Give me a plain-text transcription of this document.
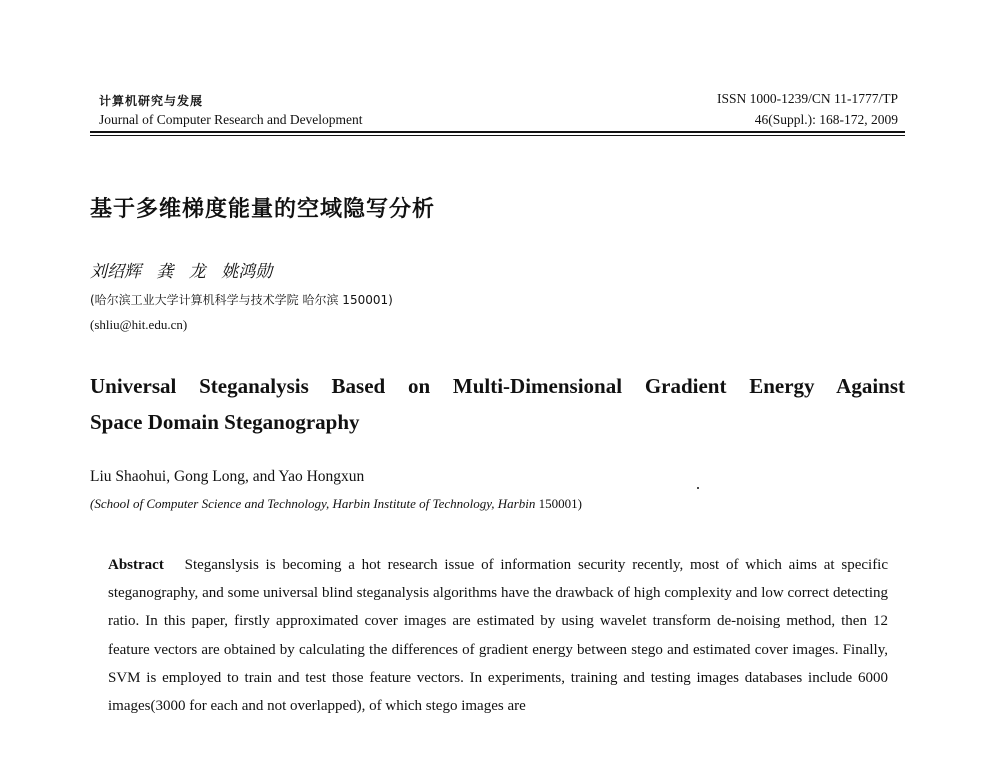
计算机研究与发展
Journal of Computer Research and Development
ISSN 1000-1239/CN 11-1777/TP
46(Suppl.): 168-172, 2009
基于多维梯度能量的空域隐写分析
刘绍辉 龚 龙 姚鸿勋
(哈尔滨工业大学计算机科学与技术学院 哈尔滨 150001)
(shliu@hit.edu.cn)
Universal Steganalysis Based on Multi-Dimensional Gradient Energy Against
Space Domain Steganography
Liu Shaohui, Gong Long, and Yao Hongxun
(School of Computer Science and Technology, Harbin Institute of Technology, Harbin 150001)
Abstract Steganslysis is becoming a hot research issue of information security recently, most of which aims at specific steganography, and some universal blind steganalysis algorithms have the drawback of high complexity and low correct detecting ratio. In this paper, firstly approximated cover images are estimated by using wavelet transform de-noising method, then 12 feature vectors are obtained by calculating the differences of gradient energy between stego and estimated cover images. Finally, SVM is employed to train and test those feature vectors. In experiments, training and testing images databases include 6000 images(3000 for each and not overlapped), of which stego images are
